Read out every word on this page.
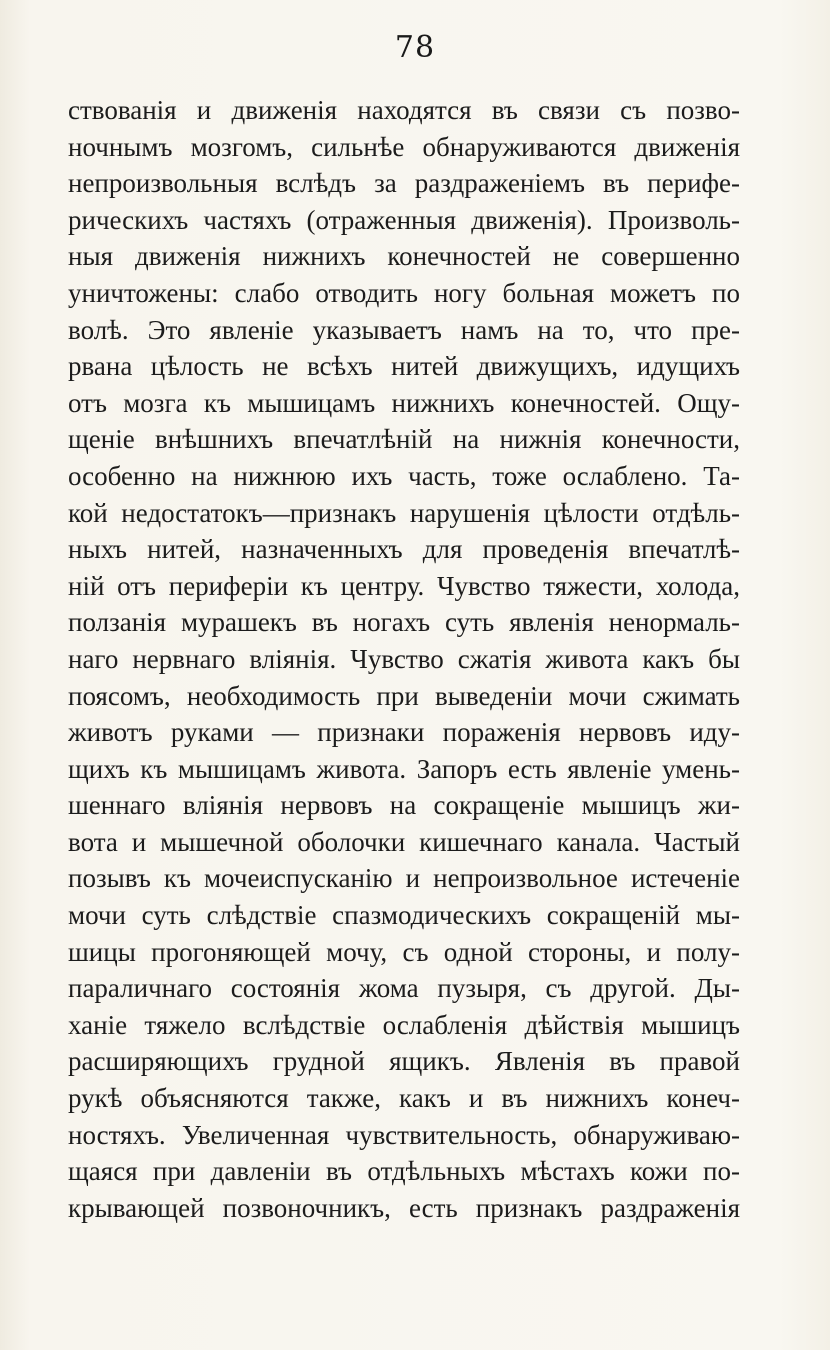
78
ствованія и движенія находятся въ связи съ позво-
ночнымъ мозгомъ, сильнѣе обнаруживаются движенія
непроизвольныя вслѣдъ за раздраженіемъ въ перифе-
рическихъ частяхъ (отраженныя движенія). Произволь-
ныя движенія нижнихъ конечностей не совершенно
уничтожены: слабо отводить ногу больная можетъ по
волѣ. Это явленіе указываетъ намъ на то, что пре-
рвана цѣлость не всѣхъ нитей движущихъ, идущихъ
отъ мозга къ мышицамъ нижнихъ конечностей. Ощу-
щеніе внѣшнихъ впечатлѣній на нижнія конечности,
особенно на нижнюю ихъ часть, тоже ослаблено. Та-
кой недостатокъ—признакъ нарушенія цѣлости отдѣль-
ныхъ нитей, назначенныхъ для проведенія впечатлѣ-
ній отъ периферіи къ центру. Чувство тяжести, холода,
ползанія мурашекъ въ ногахъ суть явленія ненормаль-
наго нервнаго вліянія. Чувство сжатія живота какъ бы
поясомъ, необходимость при выведеніи мочи сжимать
животъ руками — признаки пораженія нервовъ иду-
щихъ къ мышицамъ живота. Запоръ есть явленіе умень-
шеннаго вліянія нервовъ на сокращеніе мышицъ жи-
вота и мышечной оболочки кишечнаго канала. Частый
позывъ къ мочеиспусканію и непроизвольное истеченіе
мочи суть слѣдствіе спазмодическихъ сокращеній мы-
шицы прогоняющей мочу, съ одной стороны, и полу-
параличнаго состоянія жома пузыря, съ другой. Ды-
ханіе тяжело вслѣдствіе ослабленія дѣйствія мышицъ
расширяющихъ грудной ящикъ. Явленія въ правой
рукѣ объясняются также, какъ и въ нижнихъ конеч-
ностяхъ. Увеличенная чувствительность, обнаруживаю-
щаяся при давленіи въ отдѣльныхъ мѣстахъ кожи по-
крывающей позвоночникъ, есть признакъ раздраженія
